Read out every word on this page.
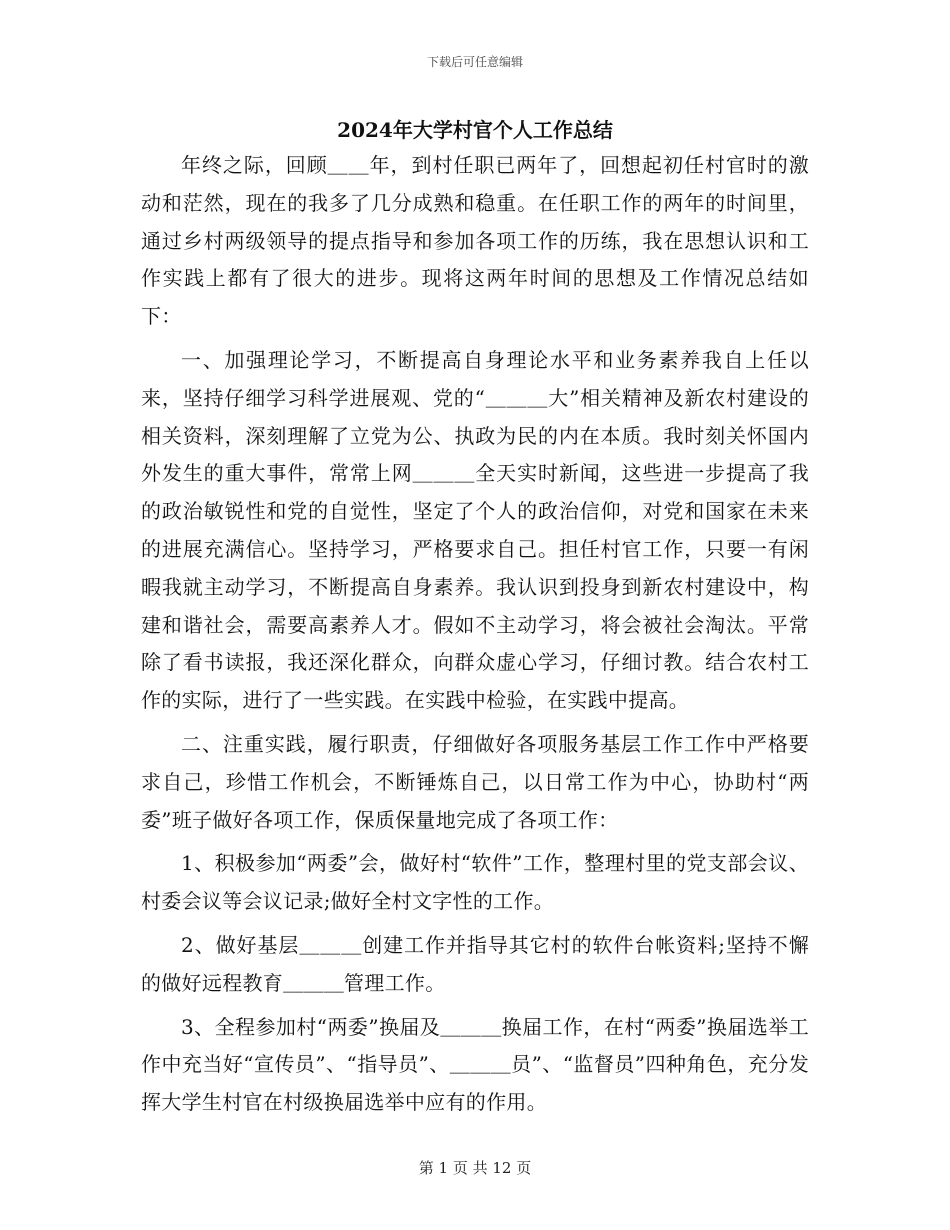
下载后可任意编辑
2024年大学村官个人工作总结

年终之际，回顾＿＿年，到村任职已两年了，回想起初任村官时的激动和茫然，现在的我多了几分成熟和稳重。在任职工作的两年的时间里，通过乡村两级领导的提点指导和参加各项工作的历练，我在思想认识和工作实践上都有了很大的进步。现将这两年时间的思想及工作情况总结如下：

一、加强理论学习，不断提高自身理论水平和业务素养我自上任以来，坚持仔细学习科学进展观、党的“＿＿＿大”相关精神及新农村建设的相关资料，深刻理解了立党为公、执政为民的内在本质。我时刻关怀国内外发生的重大事件，常常上网＿＿＿全天实时新闻，这些进一步提高了我的政治敏锐性和党的自觉性，坚定了个人的政治信仰，对党和国家在未来的进展充满信心。坚持学习，严格要求自己。担任村官工作，只要一有闲暇我就主动学习，不断提高自身素养。我认识到投身到新农村建设中，构建和谐社会，需要高素养人才。假如不主动学习，将会被社会淘汰。平常除了看书读报，我还深化群众，向群众虚心学习，仔细讨教。结合农村工作的实际，进行了一些实践。在实践中检验，在实践中提高。

二、注重实践，履行职责，仔细做好各项服务基层工作工作中严格要求自己，珍惜工作机会，不断锤炼自己，以日常工作为中心，协助村“两委”班子做好各项工作，保质保量地完成了各项工作：

1、积极参加“两委”会，做好村“软件”工作，整理村里的党支部会议、村委会议等会议记录;做好全村文字性的工作。

2、做好基层＿＿＿创建工作并指导其它村的软件台帐资料;坚持不懈的做好远程教育＿＿＿管理工作。

3、全程参加村“两委”换届及＿＿＿换届工作，在村“两委”换届选举工作中充当好“宣传员”、“指导员”、＿＿＿员”、“监督员”四种角色，充分发挥大学生村官在村级换届选举中应有的作用。

第 1 页 共 12 页
